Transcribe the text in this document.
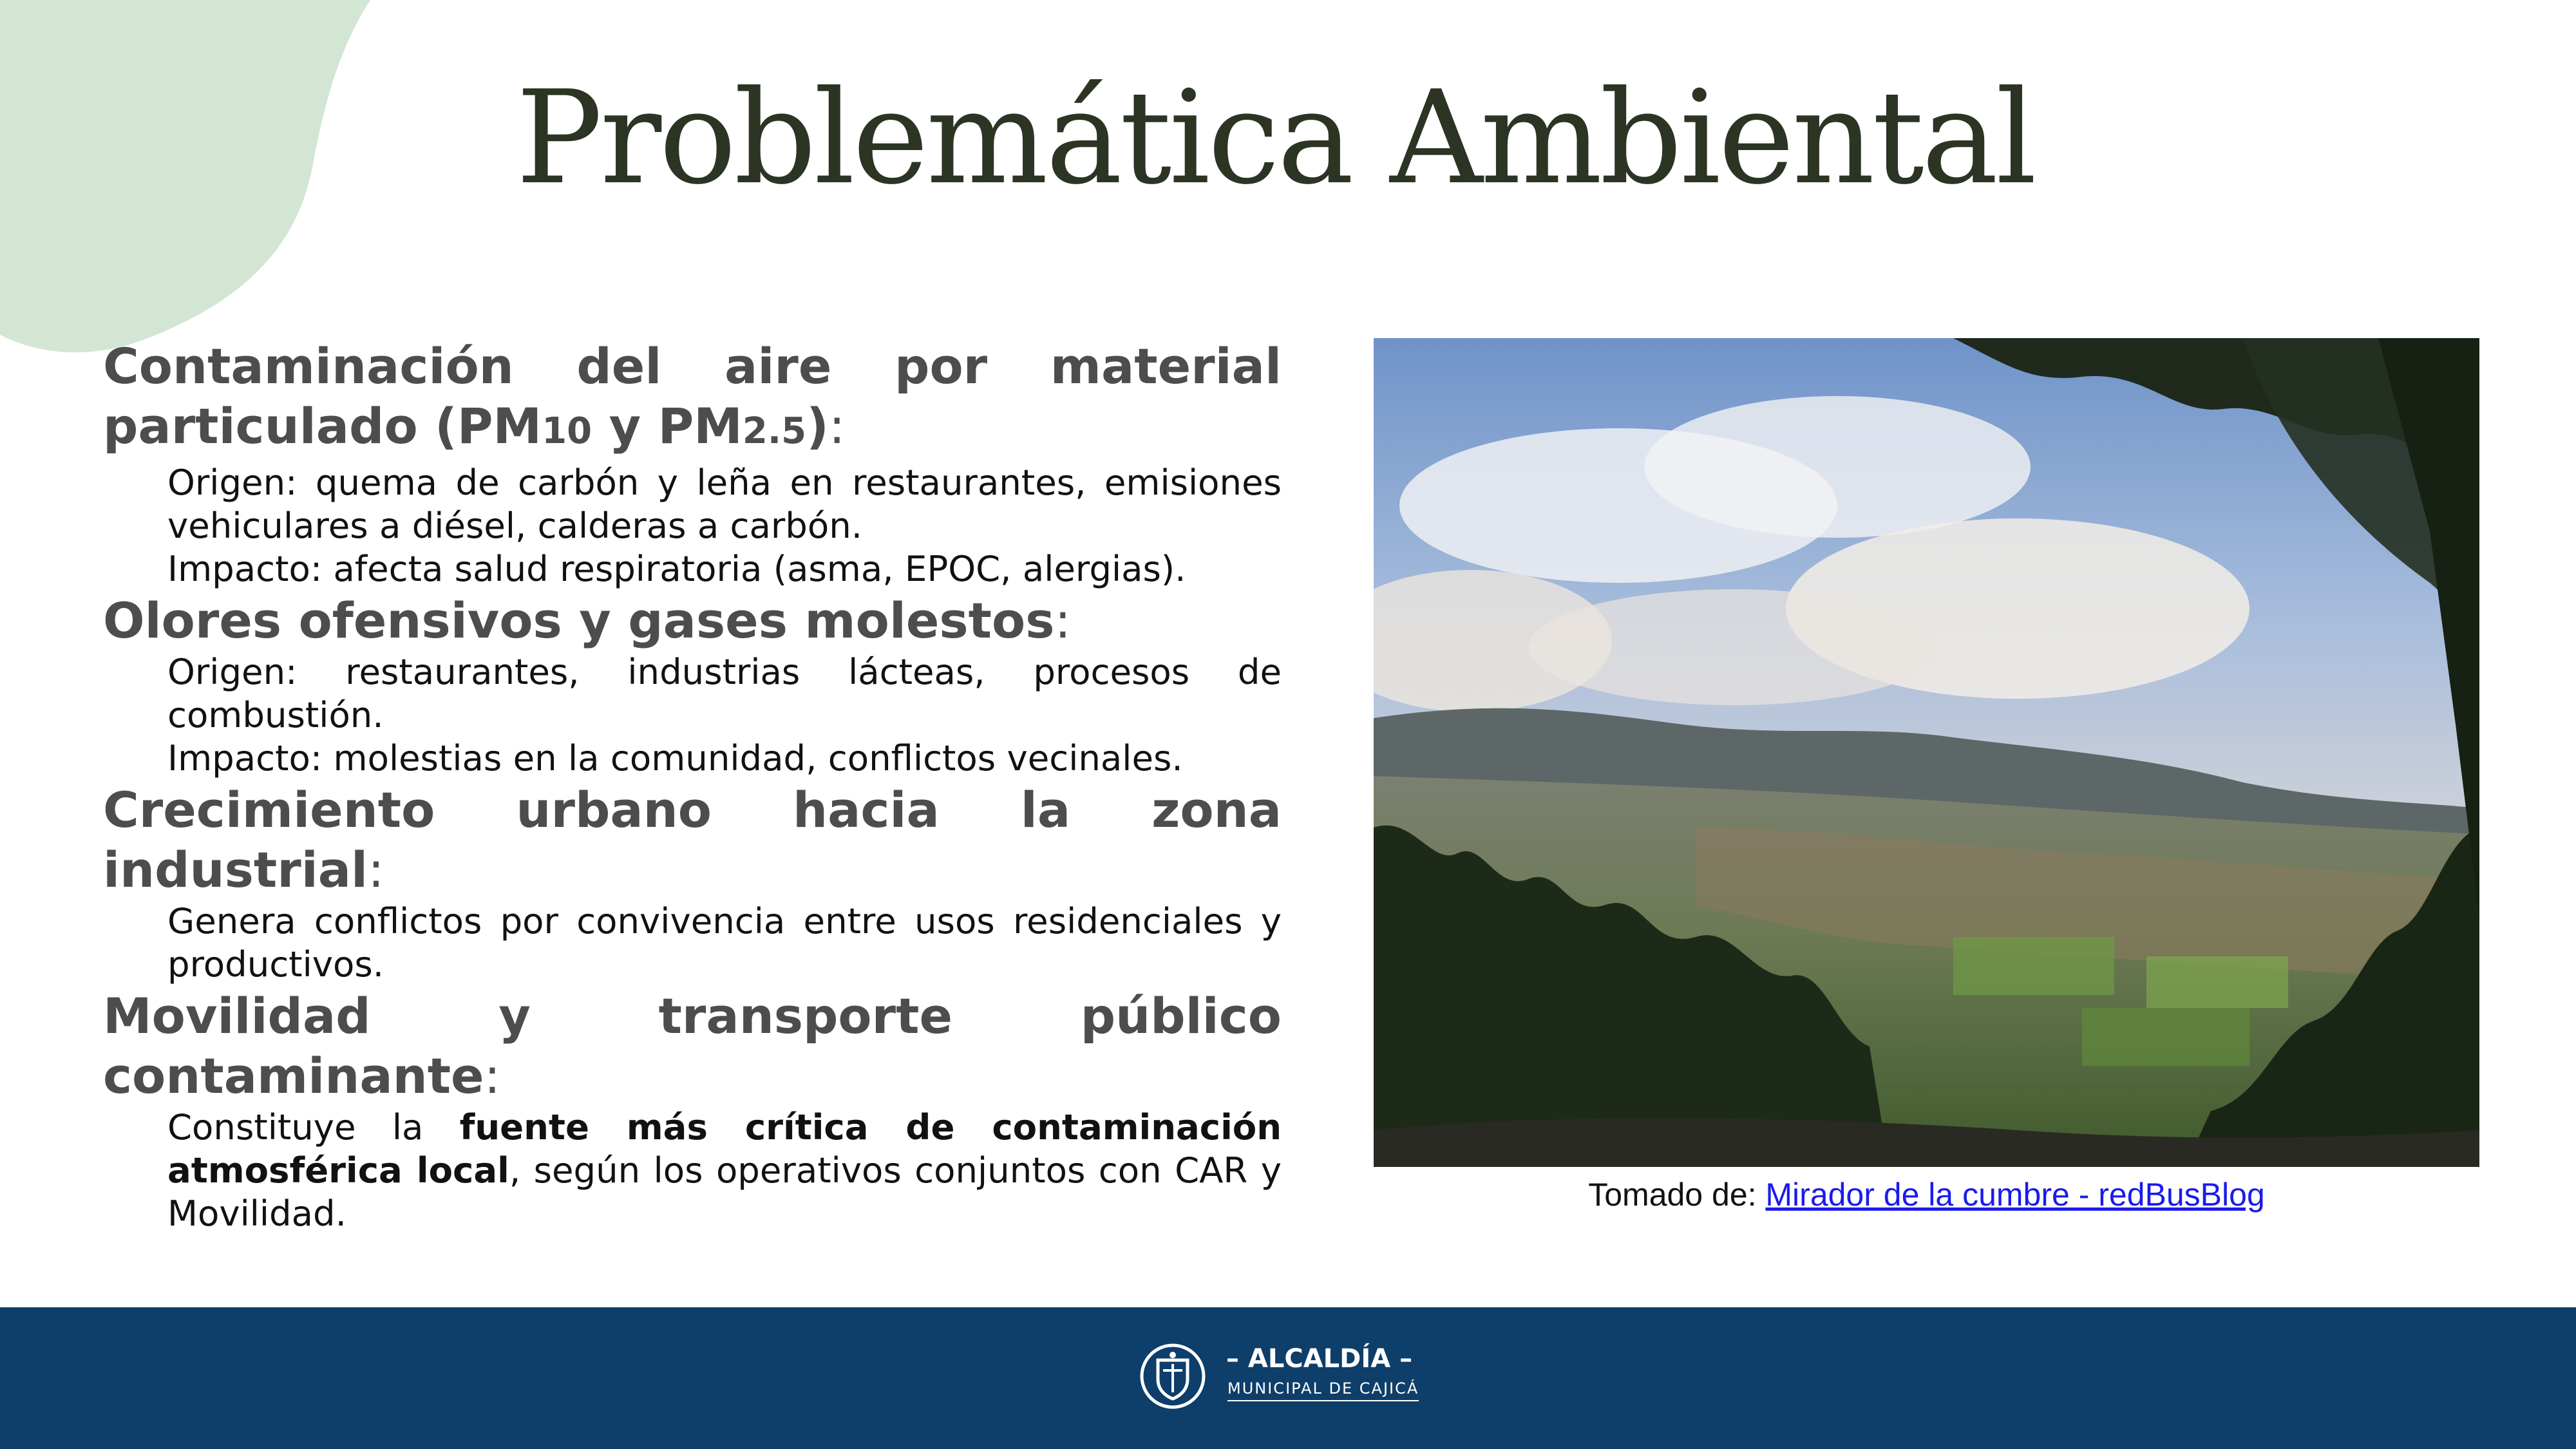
Problemática Ambiental

Contaminación del aire por material particulado (PM10 y PM2.5):

Origen: quema de carbón y leña en restaurantes, emisiones vehiculares a diésel, calderas a carbón.

Impacto: afecta salud respiratoria (asma, EPOC, alergias).

Olores ofensivos y gases molestos:

Origen: restaurantes, industrias lácteas, procesos de combustión.

Impacto: molestias en la comunidad, conflictos vecinales.

Crecimiento urbano hacia la zona industrial:

Genera conflictos por convivencia entre usos residenciales y productivos.

Movilidad y transporte público contaminante:

Constituye la fuente más crítica de contaminación atmosférica local, según los operativos conjuntos con CAR y Movilidad.	Tomado de: Mirador de la cumbre - redBusBlog
– ALCALDÍA –
MUNICIPAL DE CAJICÁ
